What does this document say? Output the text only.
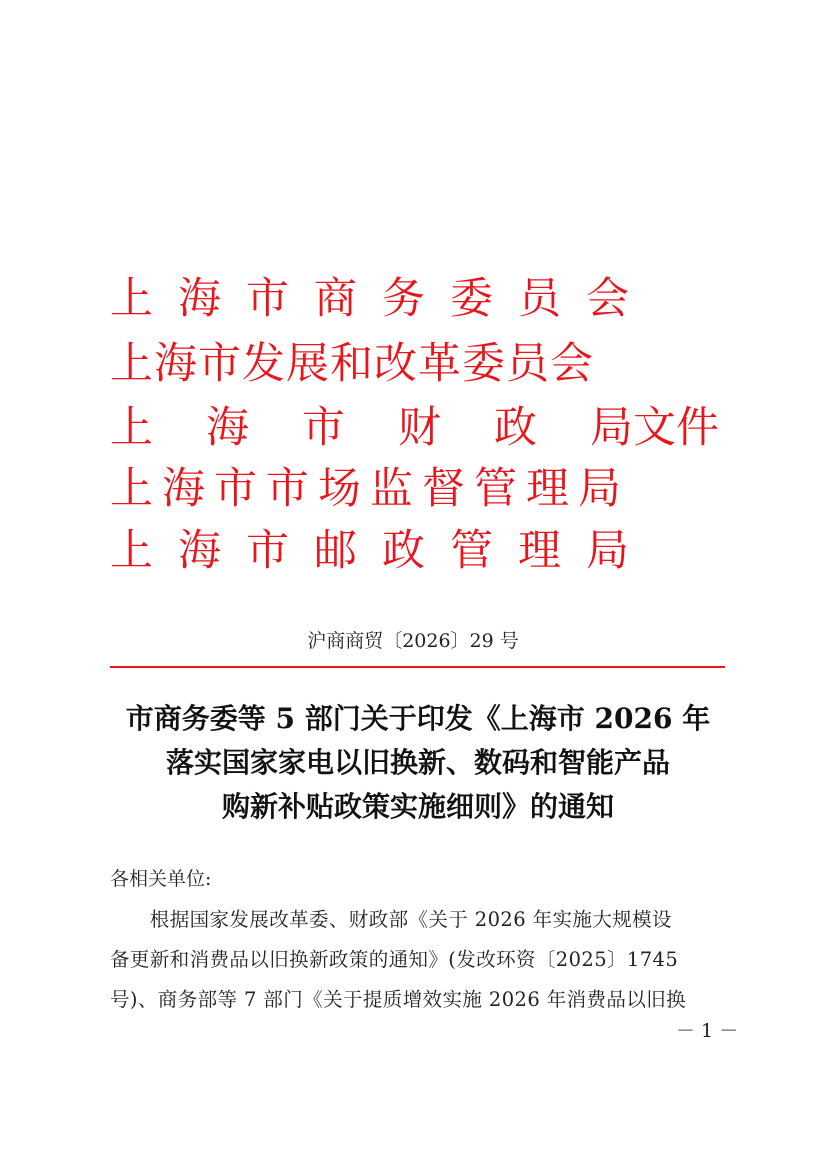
上 海 市 商 务 委 员 会
上海市发展和改革委员会
上 海 市 财 政 局文件
上 海 市 市 场 监 督 管 理 局
上 海 市 邮 政 管 理 局
沪商商贸〔2026〕29 号
市商务委等 5 部门关于印发《上海市 2026 年
落实国家家电以旧换新、数码和智能产品
购新补贴政策实施细则》的通知
各相关单位:
　　根据国家发展改革委、财政部《关于 2026 年实施大规模设
备更新和消费品以旧换新政策的通知》(发改环资〔2025〕1745
号)、商务部等 7 部门《关于提质增效实施 2026 年消费品以旧换
－ 1 －
